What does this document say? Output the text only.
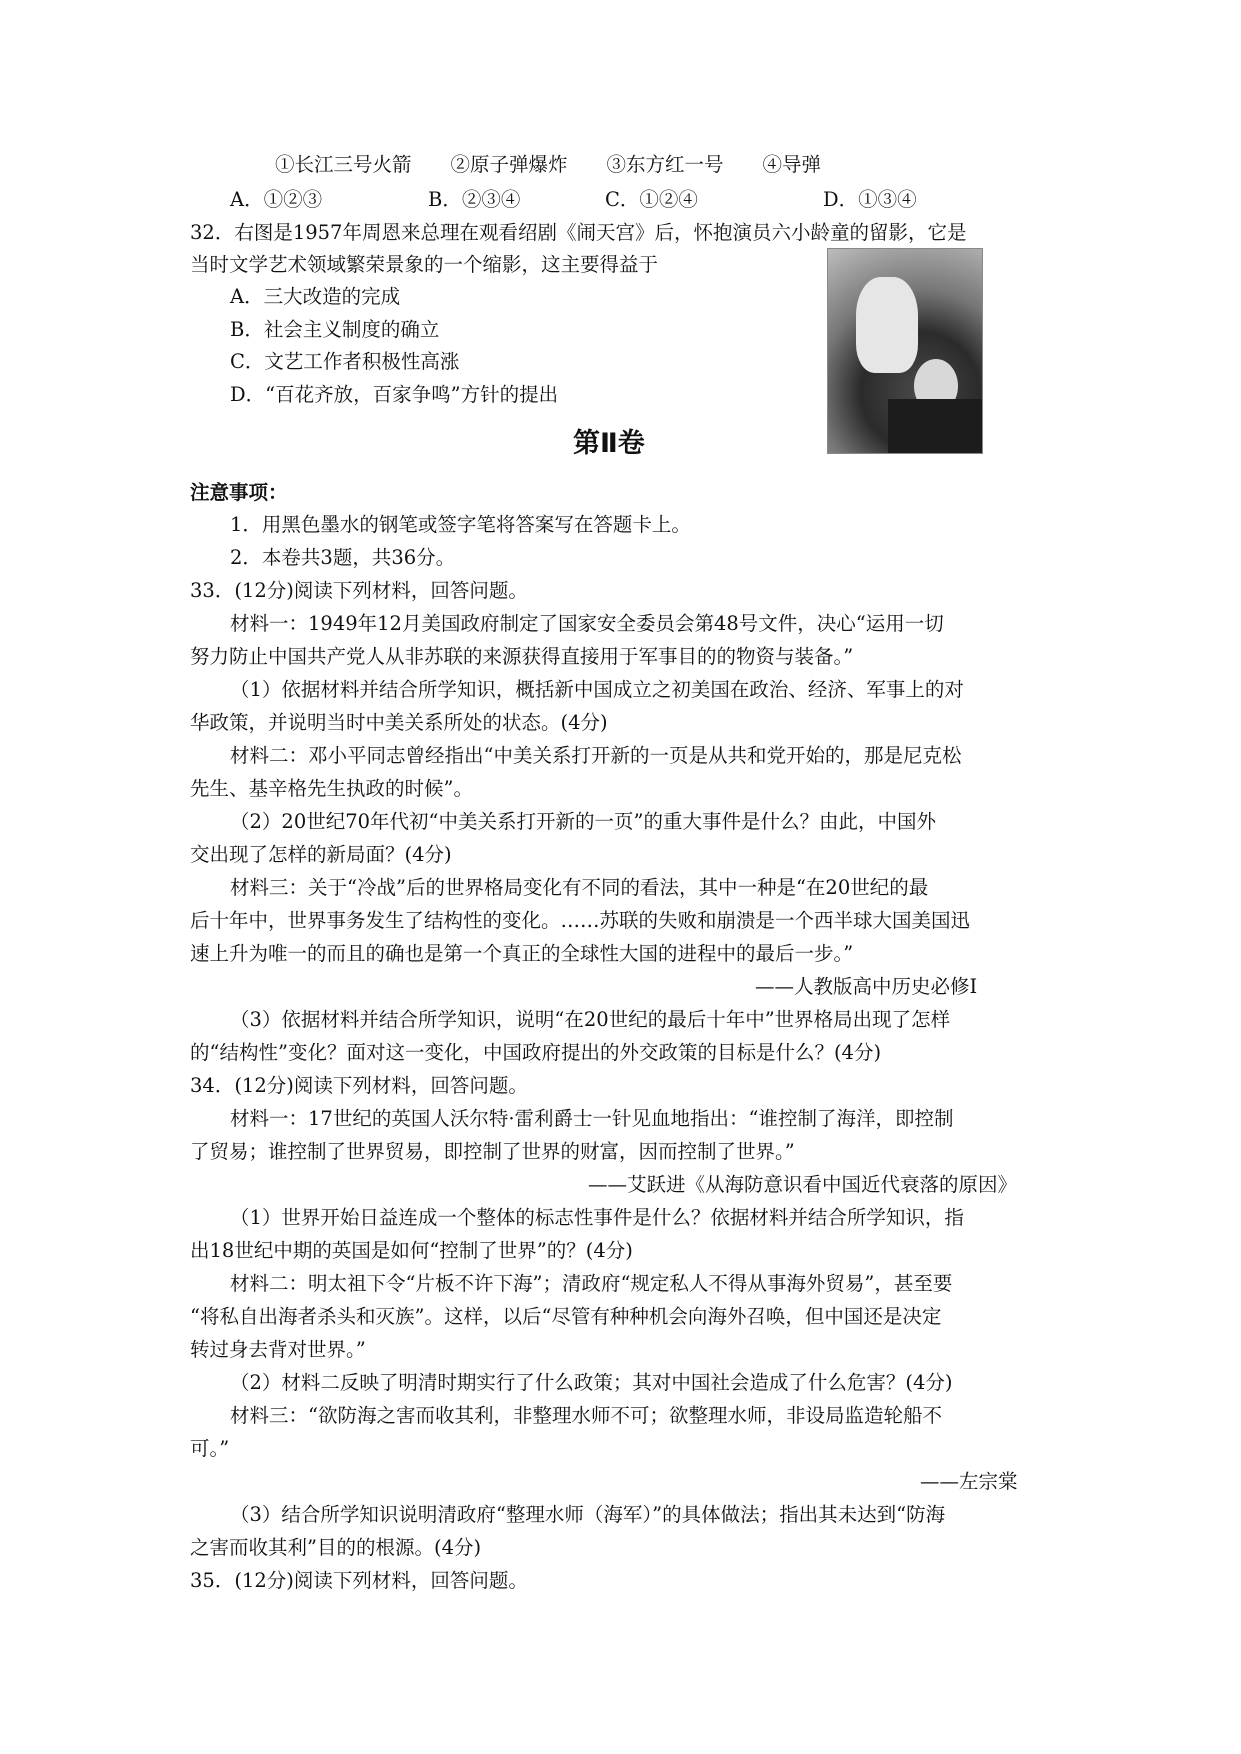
①长江三号火箭　　②原子弹爆炸　　③东方红一号　　④导弹
A．①②③	B．②③④	C．①②④	D．①③④
32．右图是1957年周恩来总理在观看绍剧《闹天宫》后，怀抱演员六小龄童的留影，它是
当时文学艺术领域繁荣景象的一个缩影，这主要得益于
A．三大改造的完成
B．社会主义制度的确立
C．文艺工作者积极性高涨
D．“百花齐放，百家争鸣”方针的提出
第Ⅱ卷
注意事项：
1．用黑色墨水的钢笔或签字笔将答案写在答题卡上。
2．本卷共3题，共36分。
33．(12分)阅读下列材料，回答问题。
材料一：1949年12月美国政府制定了国家安全委员会第48号文件，决心“运用一切
努力防止中国共产党人从非苏联的来源获得直接用于军事目的的物资与装备。”
（1）依据材料并结合所学知识，概括新中国成立之初美国在政治、经济、军事上的对
华政策，并说明当时中美关系所处的状态。(4分)
材料二：邓小平同志曾经指出“中美关系打开新的一页是从共和党开始的，那是尼克松
先生、基辛格先生执政的时候”。
（2）20世纪70年代初“中美关系打开新的一页”的重大事件是什么？由此，中国外
交出现了怎样的新局面？(4分)
材料三：关于“冷战”后的世界格局变化有不同的看法，其中一种是“在20世纪的最
后十年中，世界事务发生了结构性的变化。……苏联的失败和崩溃是一个西半球大国美国迅
速上升为唯一的而且的确也是第一个真正的全球性大国的进程中的最后一步。”
——人教版高中历史必修Ⅰ
（3）依据材料并结合所学知识，说明“在20世纪的最后十年中”世界格局出现了怎样
的“结构性”变化？面对这一变化，中国政府提出的外交政策的目标是什么？(4分)
34．(12分)阅读下列材料，回答问题。
材料一：17世纪的英国人沃尔特·雷利爵士一针见血地指出：“谁控制了海洋，即控制
了贸易；谁控制了世界贸易，即控制了世界的财富，因而控制了世界。”
——艾跃进《从海防意识看中国近代衰落的原因》
（1）世界开始日益连成一个整体的标志性事件是什么？依据材料并结合所学知识，指
出18世纪中期的英国是如何“控制了世界”的？(4分)
材料二：明太祖下令“片板不许下海”；清政府“规定私人不得从事海外贸易”，甚至要
“将私自出海者杀头和灭族”。这样，以后“尽管有种种机会向海外召唤，但中国还是决定
转过身去背对世界。”
（2）材料二反映了明清时期实行了什么政策；其对中国社会造成了什么危害？(4分)
材料三：“欲防海之害而收其利，非整理水师不可；欲整理水师，非设局监造轮船不
可。”
——左宗棠
（3）结合所学知识说明清政府“整理水师（海军）”的具体做法；指出其未达到“防海
之害而收其利”目的的根源。(4分)
35．(12分)阅读下列材料，回答问题。
